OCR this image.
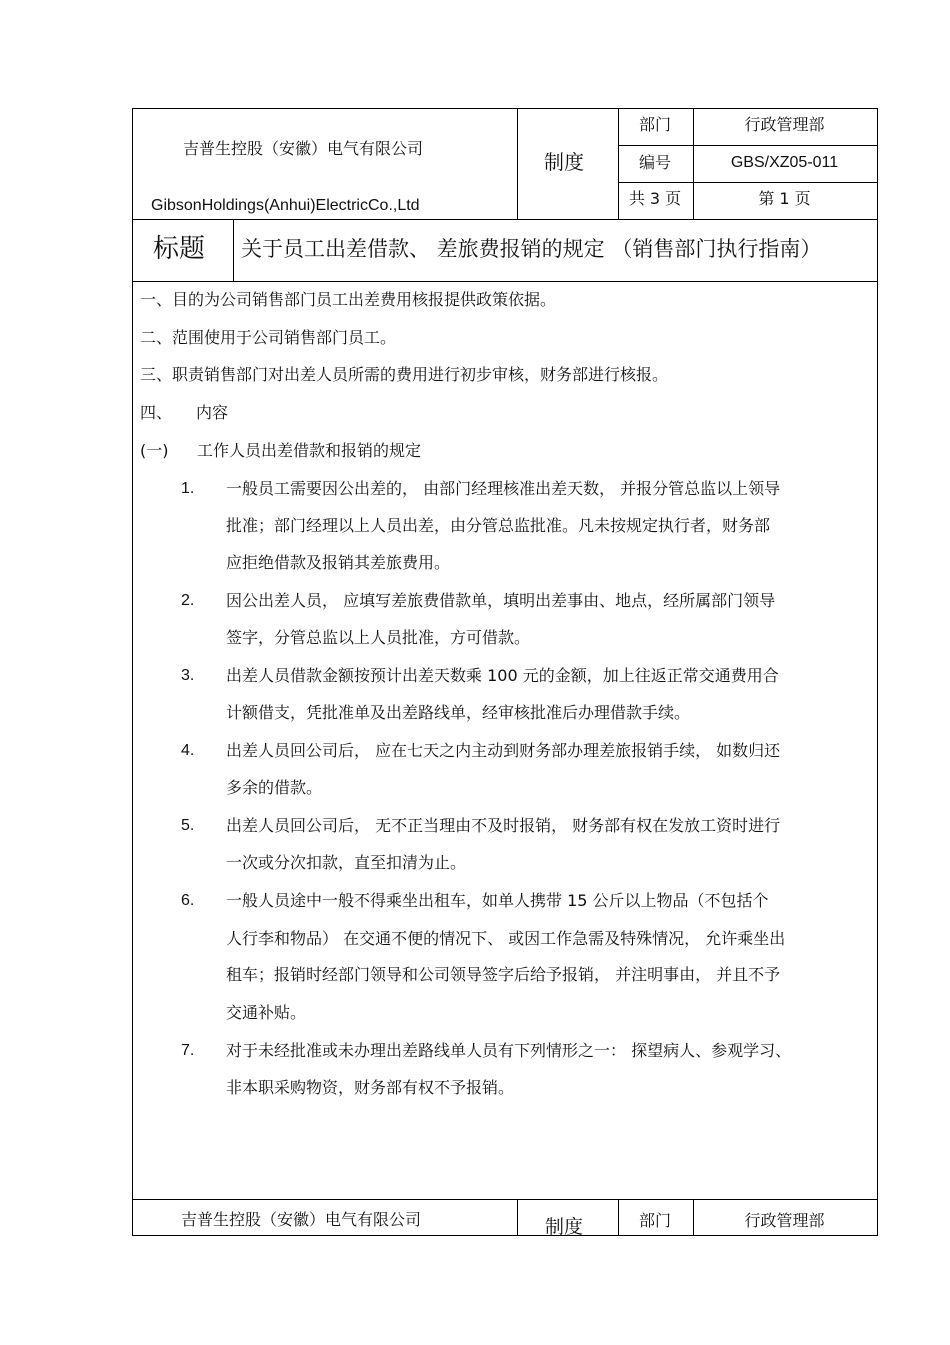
吉普生控股（安徽）电气有限公司
GibsonHoldings(Anhui)ElectricCo.,Ltd
制度
部门	行政管理部
编号	GBS/XZ05-011
共 3 页	第 1 页
标题 关于员工出差借款、 差旅费报销的规定 （销售部门执行指南）
一、目的为公司销售部门员工出差费用核报提供政策依据。
二、范围使用于公司销售部门员工。
三、职责销售部门对出差人员所需的费用进行初步审核，财务部进行核报。
四、 内容
(一) 工作人员出差借款和报销的规定
1. 一般员工需要因公出差的， 由部门经理核准出差天数， 并报分管总监以上领导
批准；部门经理以上人员出差，由分管总监批准。凡未按规定执行者，财务部
应拒绝借款及报销其差旅费用。
2. 因公出差人员， 应填写差旅费借款单，填明出差事由、地点，经所属部门领导
签字，分管总监以上人员批准，方可借款。
3. 出差人员借款金额按预计出差天数乘 100 元的金额，加上往返正常交通费用合
计额借支，凭批准单及出差路线单，经审核批准后办理借款手续。
4. 出差人员回公司后， 应在七天之内主动到财务部办理差旅报销手续， 如数归还
多余的借款。
5. 出差人员回公司后， 无不正当理由不及时报销， 财务部有权在发放工资时进行
一次或分次扣款，直至扣清为止。
6. 一般人员途中一般不得乘坐出租车，如单人携带 15 公斤以上物品（不包括个
人行李和物品） 在交通不便的情况下、 或因工作急需及特殊情况， 允许乘坐出
租车；报销时经部门领导和公司领导签字后给予报销， 并注明事由， 并且不予
交通补贴。
7. 对于未经批准或未办理出差路线单人员有下列情形之一： 探望病人、参观学习、
非本职采购物资，财务部有权不予报销。
吉普生控股（安徽）电气有限公司	制度	部门	行政管理部
